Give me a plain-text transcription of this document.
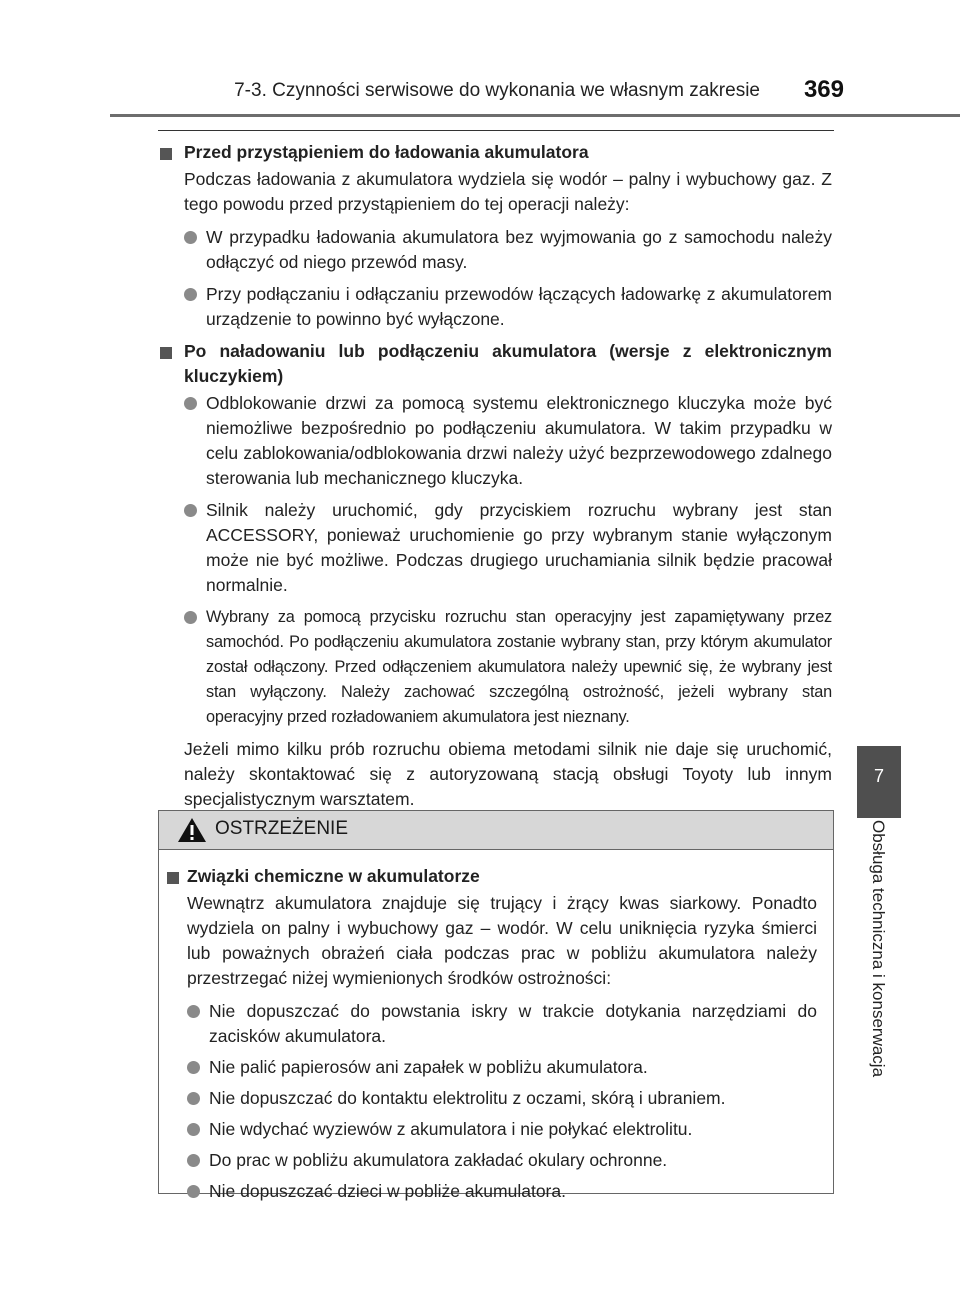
7-3. Czynności serwisowe do wykonania we własnym zakresie 369
7
Obsługa techniczna i konserwacja
Przed przystąpieniem do ładowania akumulatora
Podczas ładowania z akumulatora wydziela się wodór – palny i wybuchowy gaz. Z tego powodu przed przystąpieniem do tej operacji należy:
W przypadku ładowania akumulatora bez wyjmowania go z samochodu należy odłączyć od niego przewód masy.
Przy podłączaniu i odłączaniu przewodów łączących ładowarkę z akumulatorem urządzenie to powinno być wyłączone.
Po naładowaniu lub podłączeniu akumulatora (wersje z elektronicznym kluczykiem)
Odblokowanie drzwi za pomocą systemu elektronicznego kluczyka może być niemożliwe bezpośrednio po podłączeniu akumulatora. W takim przypadku w celu zablokowania/odblokowania drzwi należy użyć bezprzewodowego zdalnego sterowania lub mechanicznego kluczyka.
Silnik należy uruchomić, gdy przyciskiem rozruchu wybrany jest stan ACCESSORY, ponieważ uruchomienie go przy wybranym stanie wyłączonym może nie być możliwe. Podczas drugiego uruchamiania silnik będzie pracował normalnie.
Wybrany za pomocą przycisku rozruchu stan operacyjny jest zapamiętywany przez samochód. Po podłączeniu akumulatora zostanie wybrany stan, przy którym akumulator został odłączony. Przed odłączeniem akumulatora należy upewnić się, że wybrany jest stan wyłączony. Należy zachować szczególną ostrożność, jeżeli wybrany stan operacyjny przed rozładowaniem akumulatora jest nieznany.
Jeżeli mimo kilku prób rozruchu obiema metodami silnik nie daje się uruchomić, należy skontaktować się z autoryzowaną stacją obsługi Toyoty lub innym specjalistycznym warsztatem.
OSTRZEŻENIE
Związki chemiczne w akumulatorze
Wewnątrz akumulatora znajduje się trujący i żrący kwas siarkowy. Ponadto wydziela on palny i wybuchowy gaz – wodór. W celu uniknięcia ryzyka śmierci lub poważnych obrażeń ciała podczas prac w pobliżu akumulatora należy przestrzegać niżej wymienionych środków ostrożności:
Nie dopuszczać do powstania iskry w trakcie dotykania narzędziami do zacisków akumulatora.
Nie palić papierosów ani zapałek w pobliżu akumulatora.
Nie dopuszczać do kontaktu elektrolitu z oczami, skórą i ubraniem.
Nie wdychać wyziewów z akumulatora i nie połykać elektrolitu.
Do prac w pobliżu akumulatora zakładać okulary ochronne.
Nie dopuszczać dzieci w pobliże akumulatora.
